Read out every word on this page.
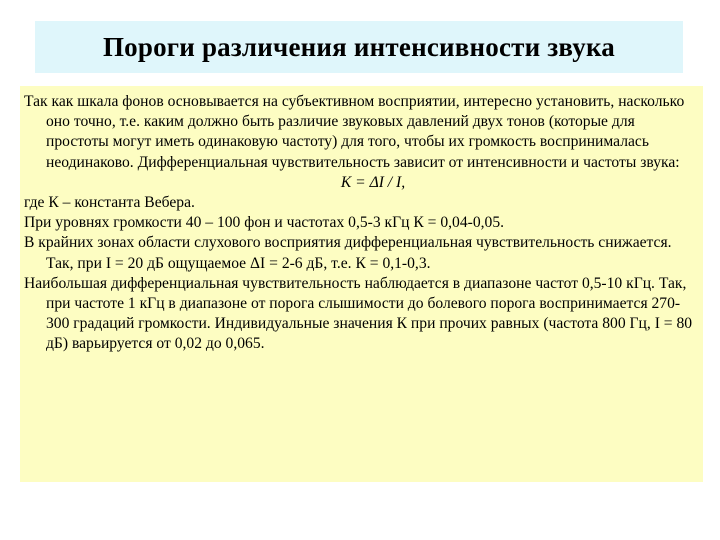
Пороги различения интенсивности звука

Так как шкала фонов основывается на субъективном восприятии, интересно установить, насколько оно точно, т.е. каким должно быть различие звуковых давлений двух тонов (которые для простоты могут иметь одинаковую частоту) для того, чтобы их громкость воспринималась неодинаково. Дифференциальная чувствительность зависит от интенсивности и частоты звука:

K = ΔI / I,

где К – константа Вебера.

При уровнях громкости 40 – 100 фон и частотах 0,5-3 кГц К = 0,04-0,05.

В крайних зонах области слухового восприятия дифференциальная чувствительность снижается. Так, при I = 20 дБ ощущаемое ΔI = 2-6 дБ, т.е. К = 0,1-0,3.

Наибольшая дифференциальная чувствительность наблюдается в диапазоне частот 0,5-10 кГц. Так, при частоте 1 кГц в диапазоне от порога слышимости до болевого порога воспринимается 270-300 градаций громкости. Индивидуальные значения К при прочих равных (частота 800 Гц, I = 80 дБ) варьируется от 0,02 до 0,065.
